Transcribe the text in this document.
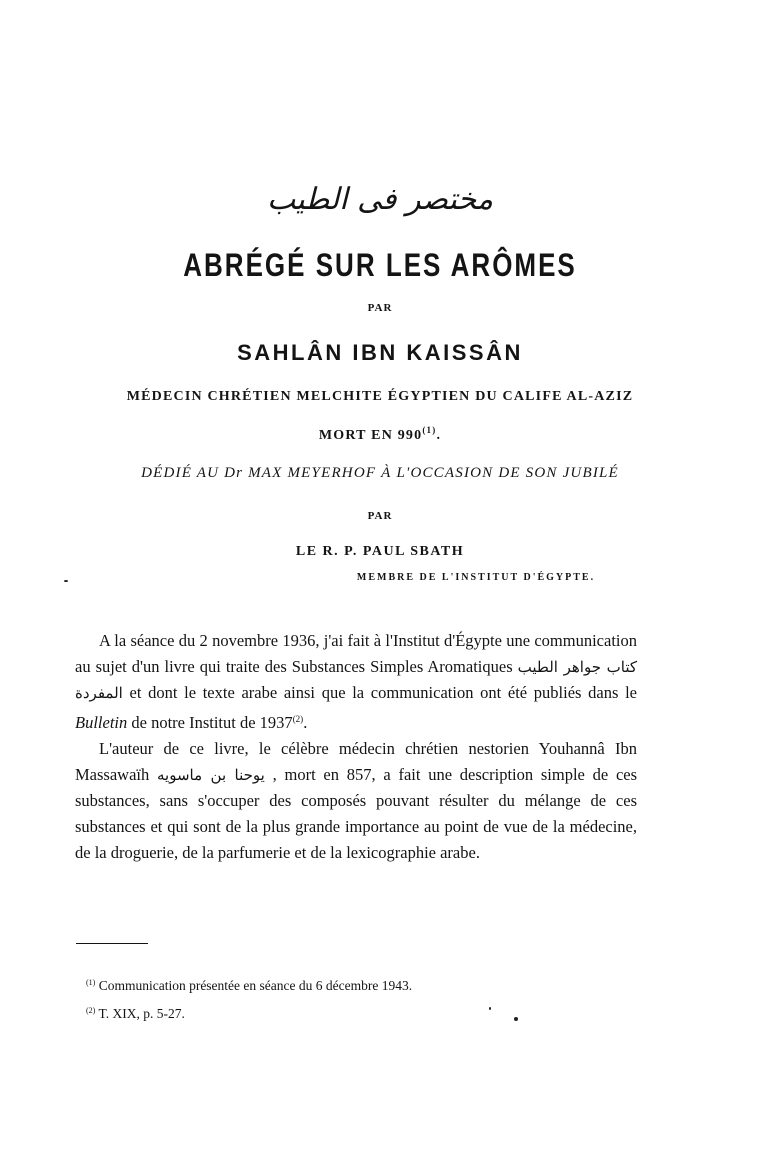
مختصر فى الطيب
ABRÉGÉ SUR LES ARÔMES
PAR
SAHLÂN IBN KAISSÂN
MÉDECIN CHRÉTIEN MELCHITE ÉGYPTIEN DU CALIFE AL-AZIZ
MORT EN 990$^{(1)}$.
DÉDIÉ AU Dr MAX MEYERHOF À L'OCCASION DE SON JUBILÉ
PAR
LE R. P. PAUL SBATH
MEMBRE DE L'INSTITUT D'ÉGYPTE.

A la séance du 2 novembre 1936, j'ai fait à l'Institut d'Égypte une communication au sujet d'un livre qui traite des Substances Simples Aromatiques كتاب جواهر الطيب المفردة et dont le texte arabe ainsi que la communication ont été publiés dans le Bulletin de notre Institut de 1937$^{(2)}$.

L'auteur de ce livre, le célèbre médecin chrétien nestorien Youhannâ Ibn Massawaïh يوحنا بن ماسويه , mort en 857, a fait une description simple de ces substances, sans s'occuper des composés pouvant résulter du mélange de ces substances et qui sont de la plus grande importance au point de vue de la médecine, de la droguerie, de la parfumerie et de la lexicographie arabe.

$^{(1)}$ Communication présentée en séance du 6 décembre 1943.
$^{(2)}$ T. XIX, p. 5-27.
